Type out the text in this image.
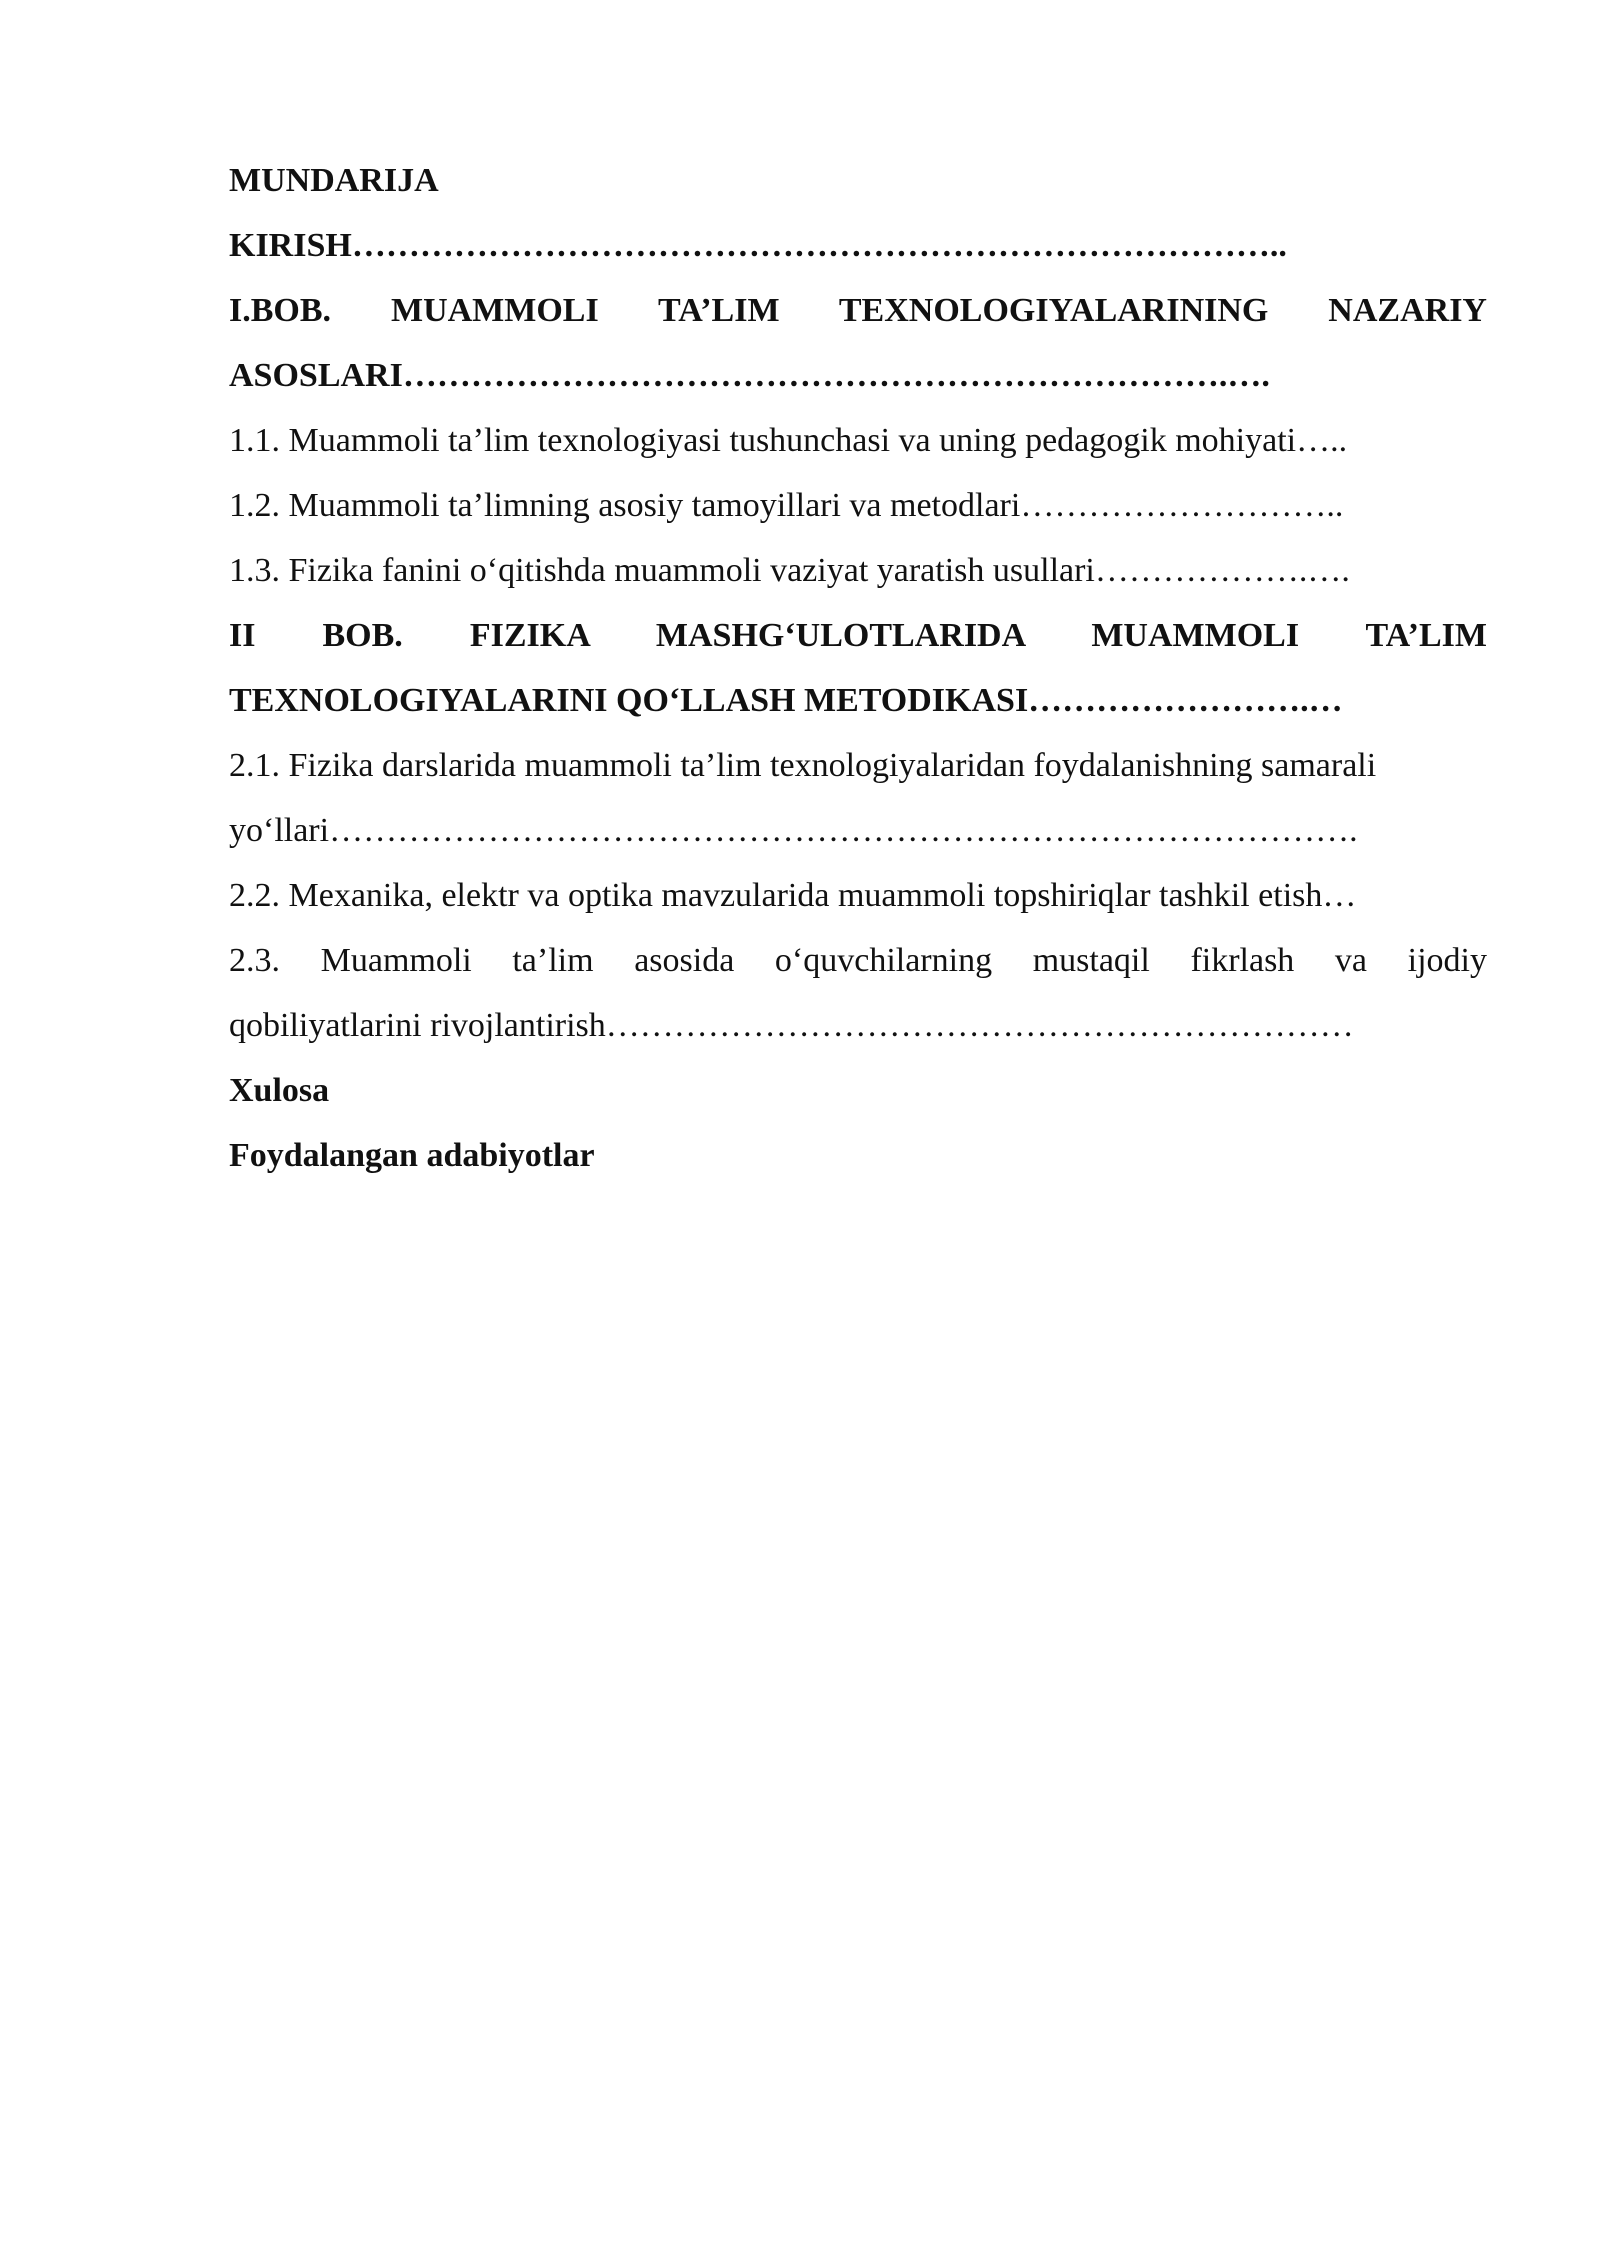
MUNDARIJA
KIRISH………………………………………………………………………..
I.BOB. MUAMMOLI TA’LIM TEXNOLOGIYALARINING NAZARIY
ASOSLARI……………………………………………………………….….
1.1. Muammoli ta’lim texnologiyasi tushunchasi va uning pedagogik mohiyati…..
1.2. Muammoli ta’limning asosiy tamoyillari va metodlari………………………..
1.3. Fizika fanini o‘qitishda muammoli vaziyat yaratish usullari……………….….
II BOB. FIZIKA MASHG‘ULOTLARIDA MUAMMOLI TA’LIM
TEXNOLOGIYALARINI QO‘LLASH METODIKASI…………………….…
2.1. Fizika darslarida muammoli ta’lim texnologiyalaridan foydalanishning samarali
yo‘llari……………………………………………………………………………….
2.2. Mexanika, elektr va optika mavzularida muammoli topshiriqlar tashkil etish…
2.3. Muammoli ta’lim asosida o‘quvchilarning mustaqil fikrlash va ijodiy
qobiliyatlarini rivojlantirish…………………………………………………………
Xulosa
Foydalangan adabiyotlar
